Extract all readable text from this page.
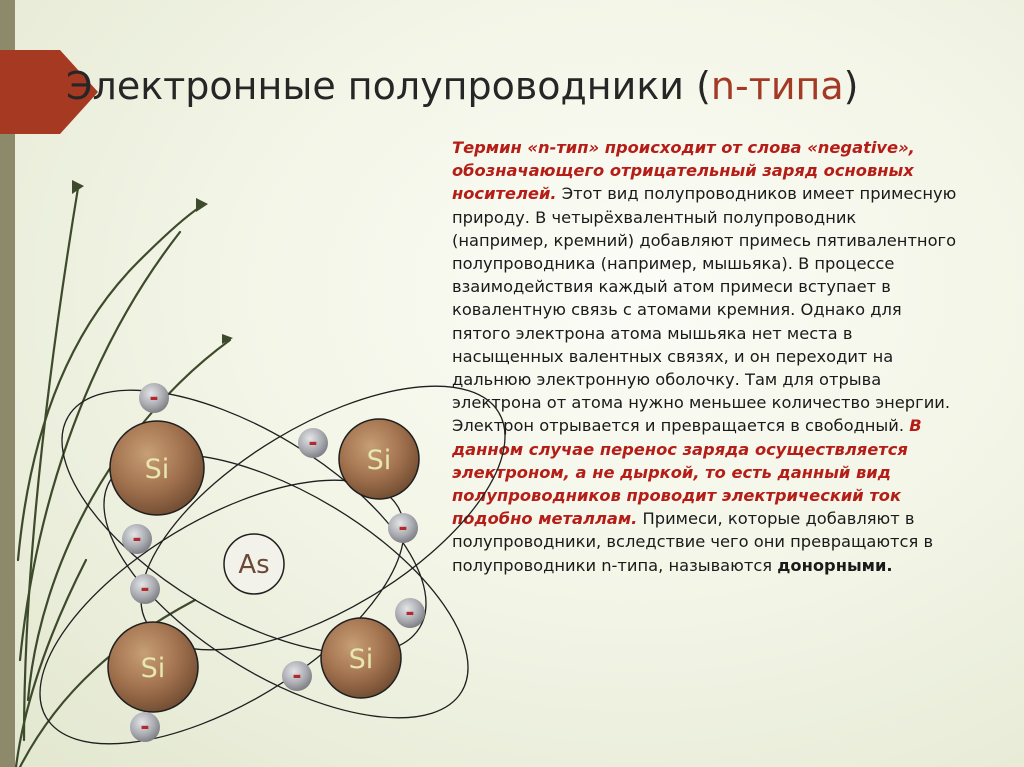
Электронные полупроводники (n-типа)

Термин «n-тип» происходит от слова «negative», обозначающего отрицательный заряд основных носителей. Этот вид полупроводников имеет примесную природу. В четырёхвалентный полупроводник (например, кремний) добавляют примесь пятивалентного полупроводника (например, мышьяка). В процессе взаимодействия каждый атом примеси вступает в ковалентную связь с атомами кремния. Однако для пятого электрона атома мышьяка нет места в насыщенных валентных связях, и он переходит на дальнюю электронную оболочку. Там для отрыва электрона от атома нужно меньшее количество энергии. Электрон отрывается и превращается в свободный. В данном случае перенос заряда осуществляется электроном, а не дыркой, то есть данный вид полупроводников проводит электрический ток подобно металлам. Примеси, которые добавляют в полупроводники, вследствие чего они превращаются в полупроводники n-типа, называются донорными.

Si	Si
Si	Si
As
-
-
-	-
-
-
-
-
